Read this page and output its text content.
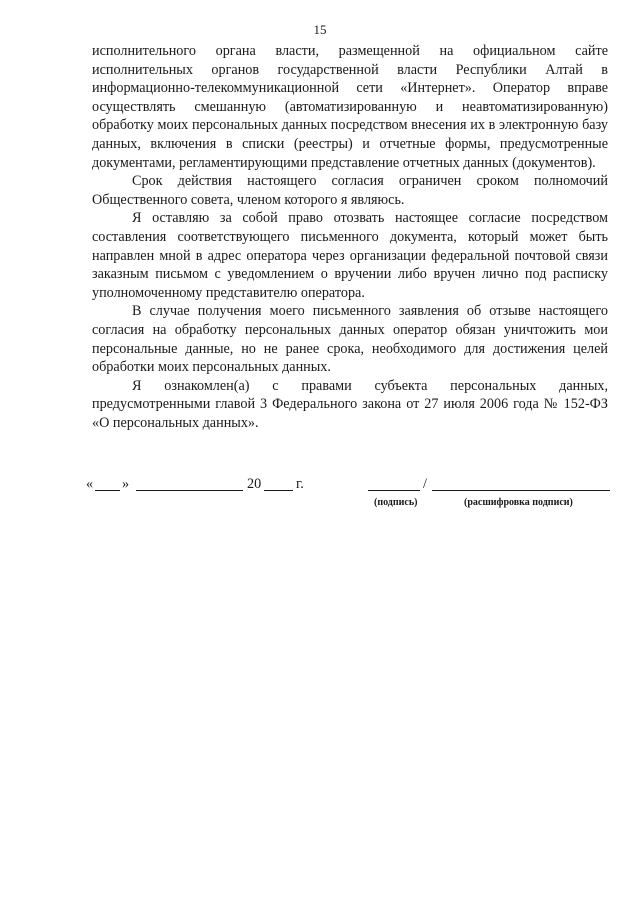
15

исполнительного органа власти, размещенной на официальном сайте исполнительных органов государственной власти Республики Алтай в информационно-телекоммуникационной сети «Интернет». Оператор вправе осуществлять смешанную (автоматизированную и неавтоматизированную) обработку моих персональных данных посредством внесения их в электронную базу данных, включения в списки (реестры) и отчетные формы, предусмотренные документами, регламентирующими представление отчетных данных (документов).

Срок действия настоящего согласия ограничен сроком полномочий Общественного совета, членом которого я являюсь.

Я оставляю за собой право отозвать настоящее согласие посредством составления соответствующего письменного документа, который может быть направлен мной в адрес оператора через организации федеральной почтовой связи заказным письмом с уведомлением о вручении либо вручен лично под расписку уполномоченному представителю оператора.

В случае получения моего письменного заявления об отзыве настоящего согласия на обработку персональных данных оператор обязан уничтожить мои персональные данные, но не ранее срока, необходимого для достижения целей обработки моих персональных данных.

Я ознакомлен(а) с правами субъекта персональных данных, предусмотренными главой 3 Федерального закона от 27 июля 2006 года № 152-ФЗ «О персональных данных».

« »	20 г.	/
(подпись)	(расшифровка подписи)
